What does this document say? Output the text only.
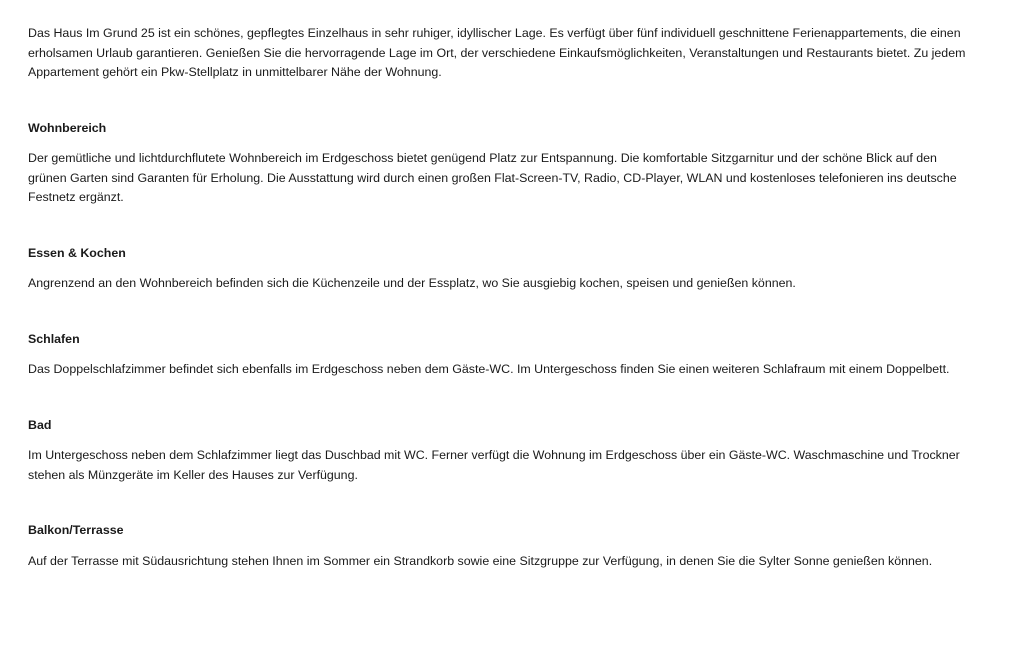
Das Haus Im Grund 25 ist ein schönes, gepflegtes Einzelhaus in sehr ruhiger, idyllischer Lage. Es verfügt über fünf individuell geschnittene Ferienappartements, die einen erholsamen Urlaub garantieren. Genießen Sie die hervorragende Lage im Ort, der verschiedene Einkaufsmöglichkeiten, Veranstaltungen und Restaurants bietet. Zu jedem Appartement gehört ein Pkw-Stellplatz in unmittelbarer Nähe der Wohnung.

Wohnbereich

Der gemütliche und lichtdurchflutete Wohnbereich im Erdgeschoss bietet genügend Platz zur Entspannung. Die komfortable Sitzgarnitur und der schöne Blick auf den grünen Garten sind Garanten für Erholung. Die Ausstattung wird durch einen großen Flat-Screen-TV, Radio, CD-Player, WLAN und kostenloses telefonieren ins deutsche Festnetz ergänzt.

Essen & Kochen

Angrenzend an den Wohnbereich befinden sich die Küchenzeile und der Essplatz, wo Sie ausgiebig kochen, speisen und genießen können.

Schlafen

Das Doppelschlafzimmer befindet sich ebenfalls im Erdgeschoss neben dem Gäste-WC. Im Untergeschoss finden Sie einen weiteren Schlafraum mit einem Doppelbett.

Bad

Im Untergeschoss neben dem Schlafzimmer liegt das Duschbad mit WC. Ferner verfügt die Wohnung im Erdgeschoss über ein Gäste-WC. Waschmaschine und Trockner stehen als Münzgeräte im Keller des Hauses zur Verfügung.

Balkon/Terrasse

Auf der Terrasse mit Südausrichtung stehen Ihnen im Sommer ein Strandkorb sowie eine Sitzgruppe zur Verfügung, in denen Sie die Sylter Sonne genießen können.
